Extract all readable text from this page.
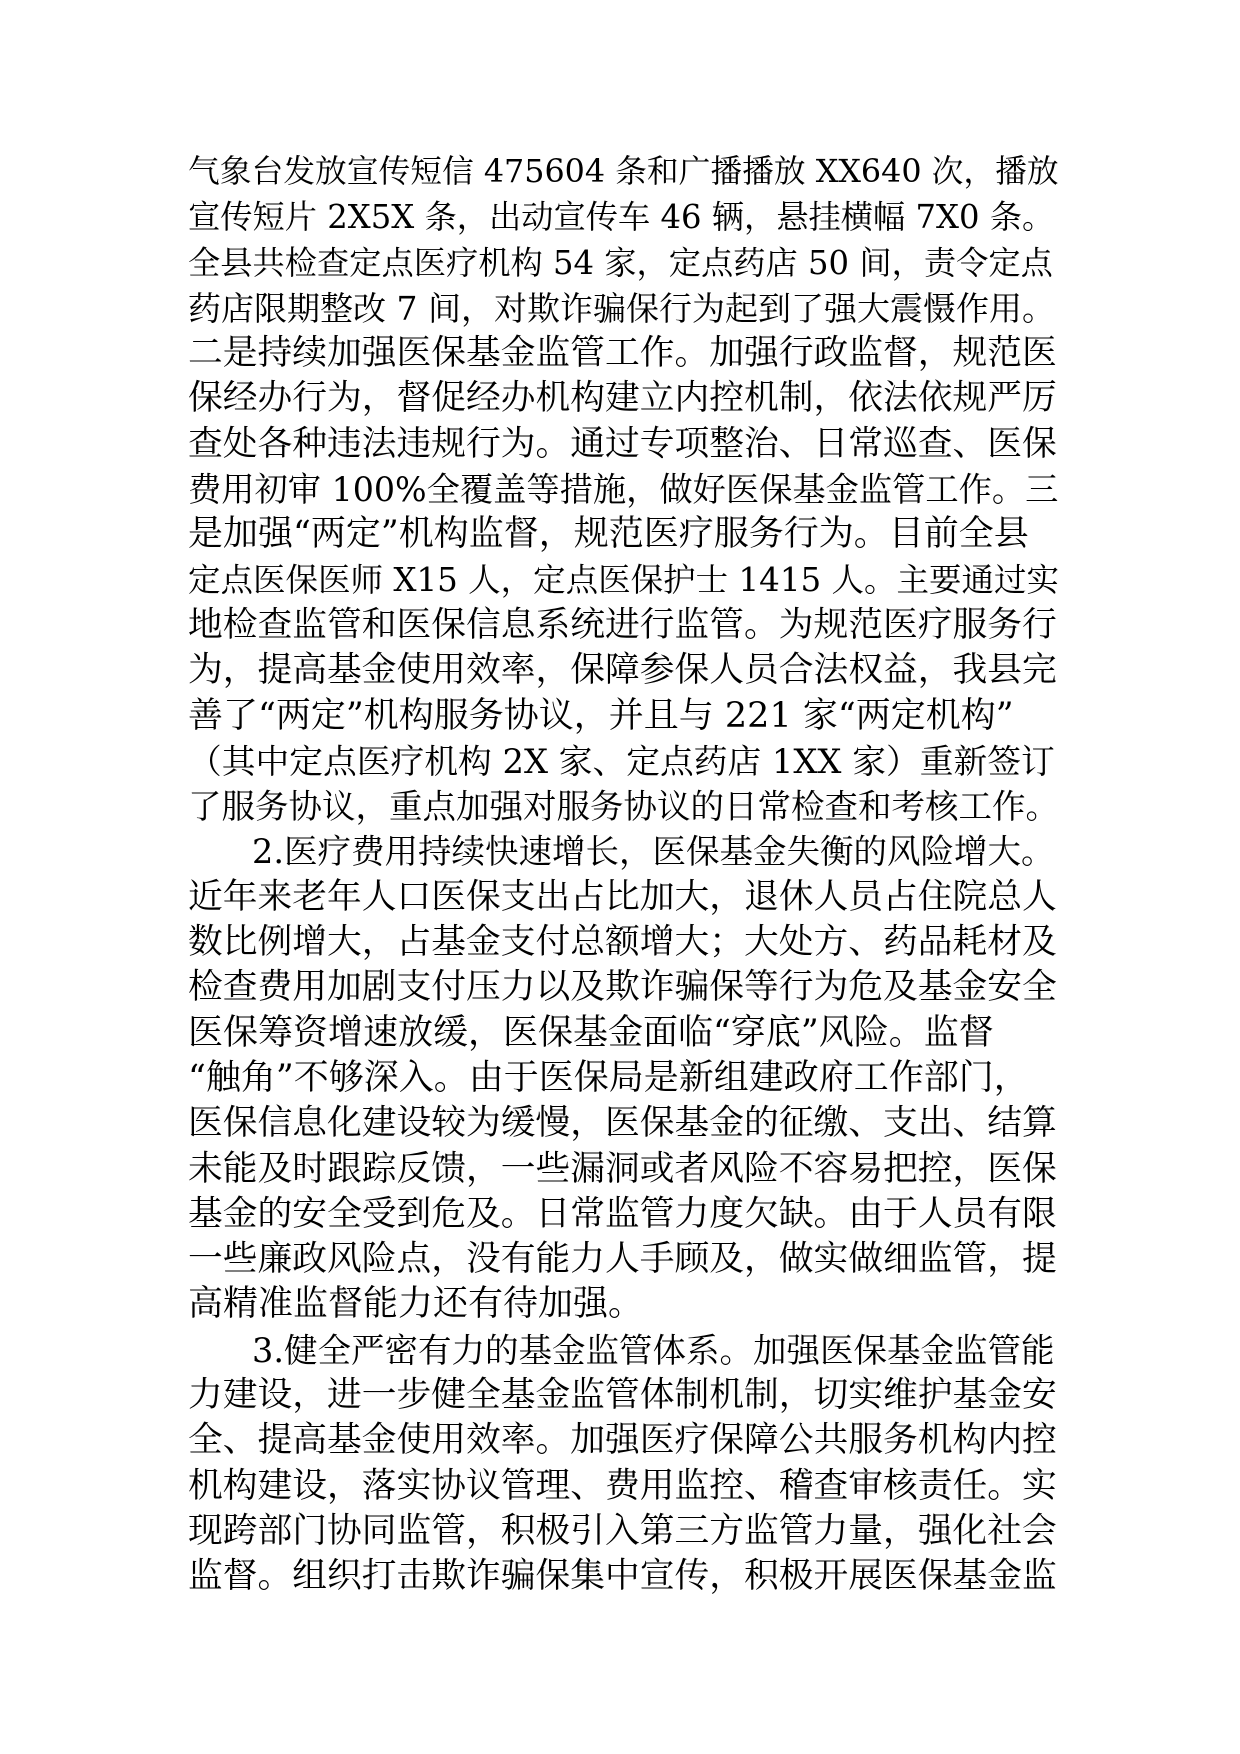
气象台发放宣传短信 475604 条和广播播放 XX640 次，播放
宣传短片 2X5X 条，出动宣传车 46 辆，悬挂横幅 7X0 条。
全县共检查定点医疗机构 54 家，定点药店 50 间，责令定点
药店限期整改 7 间，对欺诈骗保行为起到了强大震慑作用。
二是持续加强医保基金监管工作。加强行政监督，规范医
保经办行为，督促经办机构建立内控机制，依法依规严厉
查处各种违法违规行为。通过专项整治、日常巡查、医保
费用初审 100%全覆盖等措施，做好医保基金监管工作。三
是加强“两定”机构监督，规范医疗服务行为。目前全县
定点医保医师 X15 人，定点医保护士 1415 人。主要通过实
地检查监管和医保信息系统进行监管。为规范医疗服务行
为，提高基金使用效率，保障参保人员合法权益，我县完
善了“两定”机构服务协议，并且与 221 家“两定机构”
（其中定点医疗机构 2X 家、定点药店 1XX 家）重新签订
了服务协议，重点加强对服务协议的日常检查和考核工作。
2.医疗费用持续快速增长，医保基金失衡的风险增大。
近年来老年人口医保支出占比加大，退休人员占住院总人
数比例增大，占基金支付总额增大；大处方、药品耗材及
检查费用加剧支付压力以及欺诈骗保等行为危及基金安全
医保筹资增速放缓，医保基金面临“穿底”风险。监督
“触角”不够深入。由于医保局是新组建政府工作部门，
医保信息化建设较为缓慢，医保基金的征缴、支出、结算
未能及时跟踪反馈，一些漏洞或者风险不容易把控，医保
基金的安全受到危及。日常监管力度欠缺。由于人员有限
一些廉政风险点，没有能力人手顾及，做实做细监管，提
高精准监督能力还有待加强。
3.健全严密有力的基金监管体系。加强医保基金监管能
力建设，进一步健全基金监管体制机制，切实维护基金安
全、提高基金使用效率。加强医疗保障公共服务机构内控
机构建设，落实协议管理、费用监控、稽查审核责任。实
现跨部门协同监管，积极引入第三方监管力量，强化社会
监督。组织打击欺诈骗保集中宣传，积极开展医保基金监
